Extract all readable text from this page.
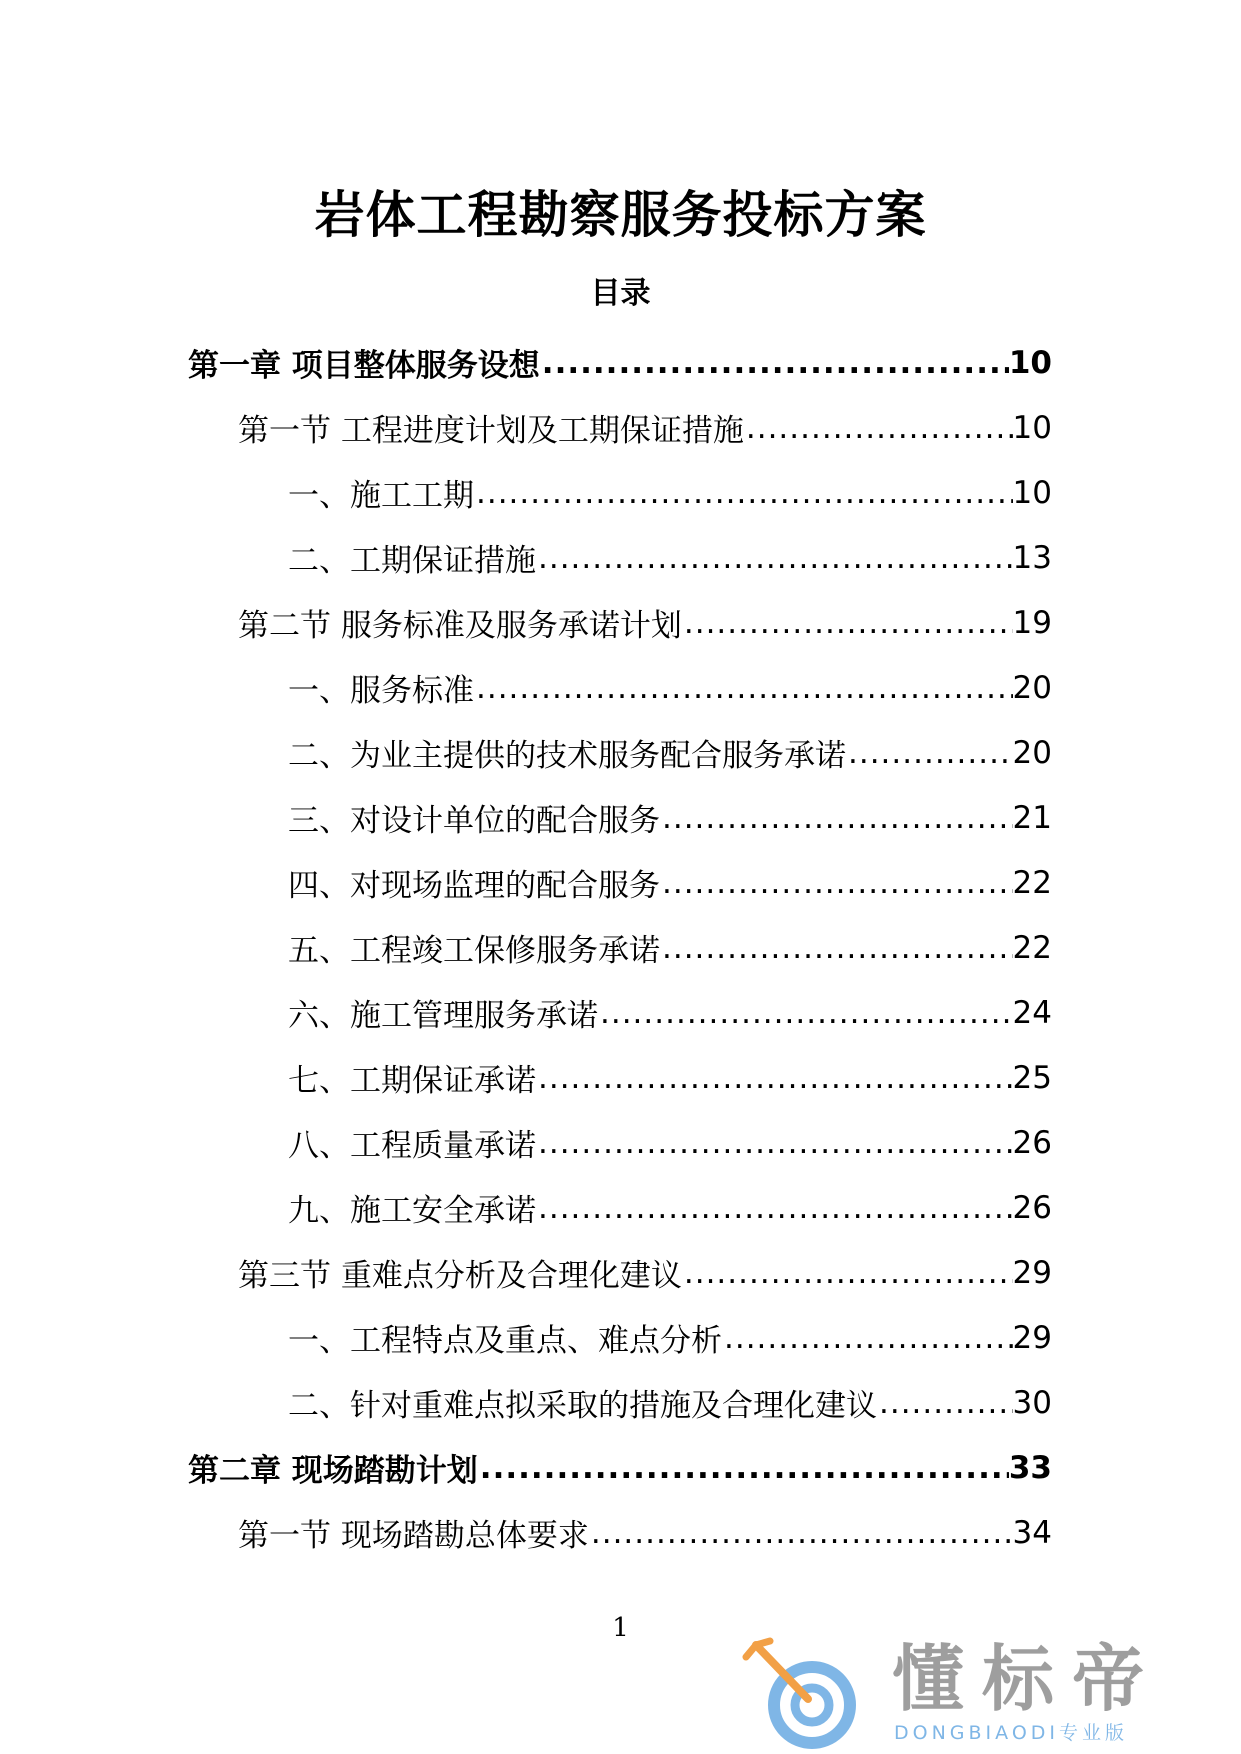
岩体工程勘察服务投标方案
目录
第一章 项目整体服务设想 .....	10
第一节 工程进度计划及工期保证措施 .....	10
一、施工工期 .....	10
二、工期保证措施 .....	13
第二节 服务标准及服务承诺计划 .....	19
一、服务标准 .....	20
二、为业主提供的技术服务配合服务承诺 .....	20
三、对设计单位的配合服务 .....	21
四、对现场监理的配合服务 .....	22
五、工程竣工保修服务承诺 .....	22
六、施工管理服务承诺 .....	24
七、工期保证承诺 .....	25
八、工程质量承诺 .....	26
九、施工安全承诺 .....	26
第三节 重难点分析及合理化建议 .....	29
一、工程特点及重点、难点分析 .....	29
二、针对重难点拟采取的措施及合理化建议 .....	30
第二章 现场踏勘计划 .....	33
第一节 现场踏勘总体要求 .....	34
1
懂标帝
DONGBIAODI专业版
